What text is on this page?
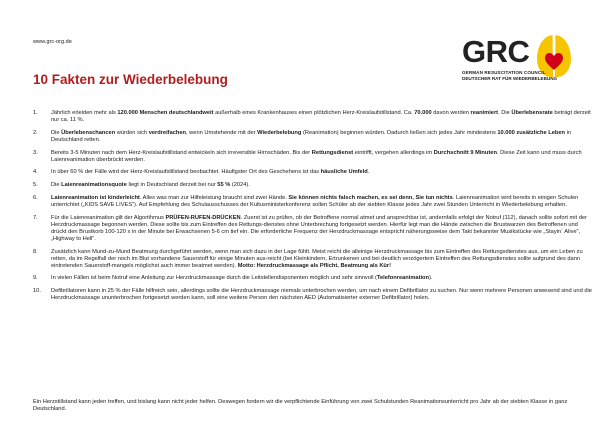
www.grc-org.de
10 Fakten zur Wiederbelebung
GRC
GERMAN RESUSCITATION COUNCIL
DEUTSCHER RAT FÜR WIEDERBELEBUNG
1. Jährlich erleiden mehr als 120.000 Menschen deutschlandweit außerhalb eines Krankenhauses einen plötzlichen Herz-Kreislaufstillstand. Ca. 70.000 davon werden reanimiert. Die Überlebensrate beträgt derzeit nur ca. 11 %.
2. Die Überlebenschancen würden sich verdreifachen, wenn Umstehende mit der Wiederbelebung (Reanimation) beginnen würden. Dadurch ließen sich jedes Jahr mindestens 10.000 zusätzliche Leben in Deutschland retten.
3. Bereits 3-5 Minuten nach dem Herz-Kreislaufstillstand entwickeln sich irreversible Hirnschäden. Bis der Rettungsdienst eintrifft, vergehen allerdings im Durchschnitt 9 Minuten. Diese Zeit kann und muss durch Laienreanimation überbrückt werden.
4. In über 60 % der Fälle wird der Herz-Kreislaufstillstand beobachtet. Häufigster Ort des Geschehens ist das häusliche Umfeld.
5. Die Laienreanimationsquote liegt in Deutschland derzeit bei nur 55 % (2024).
6. Laienreanimation ist kinderleicht. Alles was man zur Hilfeleistung braucht sind zwei Hände. Sie können nichts falsch machen, es sei denn, Sie tun nichts. Laienreanimation wird bereits in einigen Schulen unterrichtet („KIDS SAVE LIVES“). Auf Empfehlung des Schulausschusses der Kultusministerkonferenz sollen Schüler ab der siebten Klasse jedes Jahr zwei Stunden Unterricht in Wiederbelebung erhalten.
7. Für die Laienreanimation gilt der Algorithmus PRÜFEN-RUFEN-DRÜCKEN. Zuerst ist zu prüfen, ob der Betroffene normal atmet und ansprechbar ist, andernfalls erfolgt der Notruf (112), danach sollte sofort mit der Herzdruckmassage begonnen werden. Diese sollte bis zum Eintreffen des Rettungs-dienstes ohne Unterbrechung fortgesetzt werden. Hierfür legt man die Hände zwischen die Brustwarzen des Betroffenen und drückt den Brustkorb 100-120 x in der Minute bei Erwachsenen 5-6 cm tief ein. Die erforderliche Frequenz der Herzdruckmassage entspricht näherungsweise dem Takt bekannter Musikstücke wie „Stayin´ Alive“, „Highway to Hell“.
8. Zusätzlich kann Mund-zu-Mund Beatmung durchgeführt werden, wenn man sich dazu in der Lage fühlt. Meist reicht die alleinige Herzdruckmassage bis zum Eintreffen des Rettungsdienstes aus, um ein Leben zu retten, da im Regelfall der noch im Blut vorhandene Sauerstoff für einige Minuten aus-reicht (bei Kleinkindern, Ertrunkenen und bei deutlich verzögertem Eintreffen des Rettungsdienstes sollte aufgrund des dann eintretenden Sauerstoff-mangels möglichst auch immer beatmet werden). Motto: Herzdruckmassage als Pflicht, Beatmung als Kür!
9. In vielen Fällen ist beim Notruf eine Anleitung zur Herzdruckmassage durch die Leitstellendisponenten möglich und sehr sinnvoll (Telefonreanimation).
10. Defibrillatoren kann in 25 % der Fälle hilfreich sein, allerdings sollte die Herzdruckmassage niemals unterbrochen werden, um nach einem Defibrillator zu suchen. Nur wenn mehrere Personen anwesend sind und die Herzdruckmassage ununterbrochen fortgesetzt werden kann, soll eine weitere Person den nächsten AED (Automatisierter externer Defibrillator) holen.
Ein Herzstillstand kann jeden treffen, und bislang kann nicht jeder helfen. Deswegen fordern wir die verpflichtende Einführung von zwei Schulstunden Reanimationsunterricht pro Jahr ab der siebten Klasse in ganz Deutschland.
